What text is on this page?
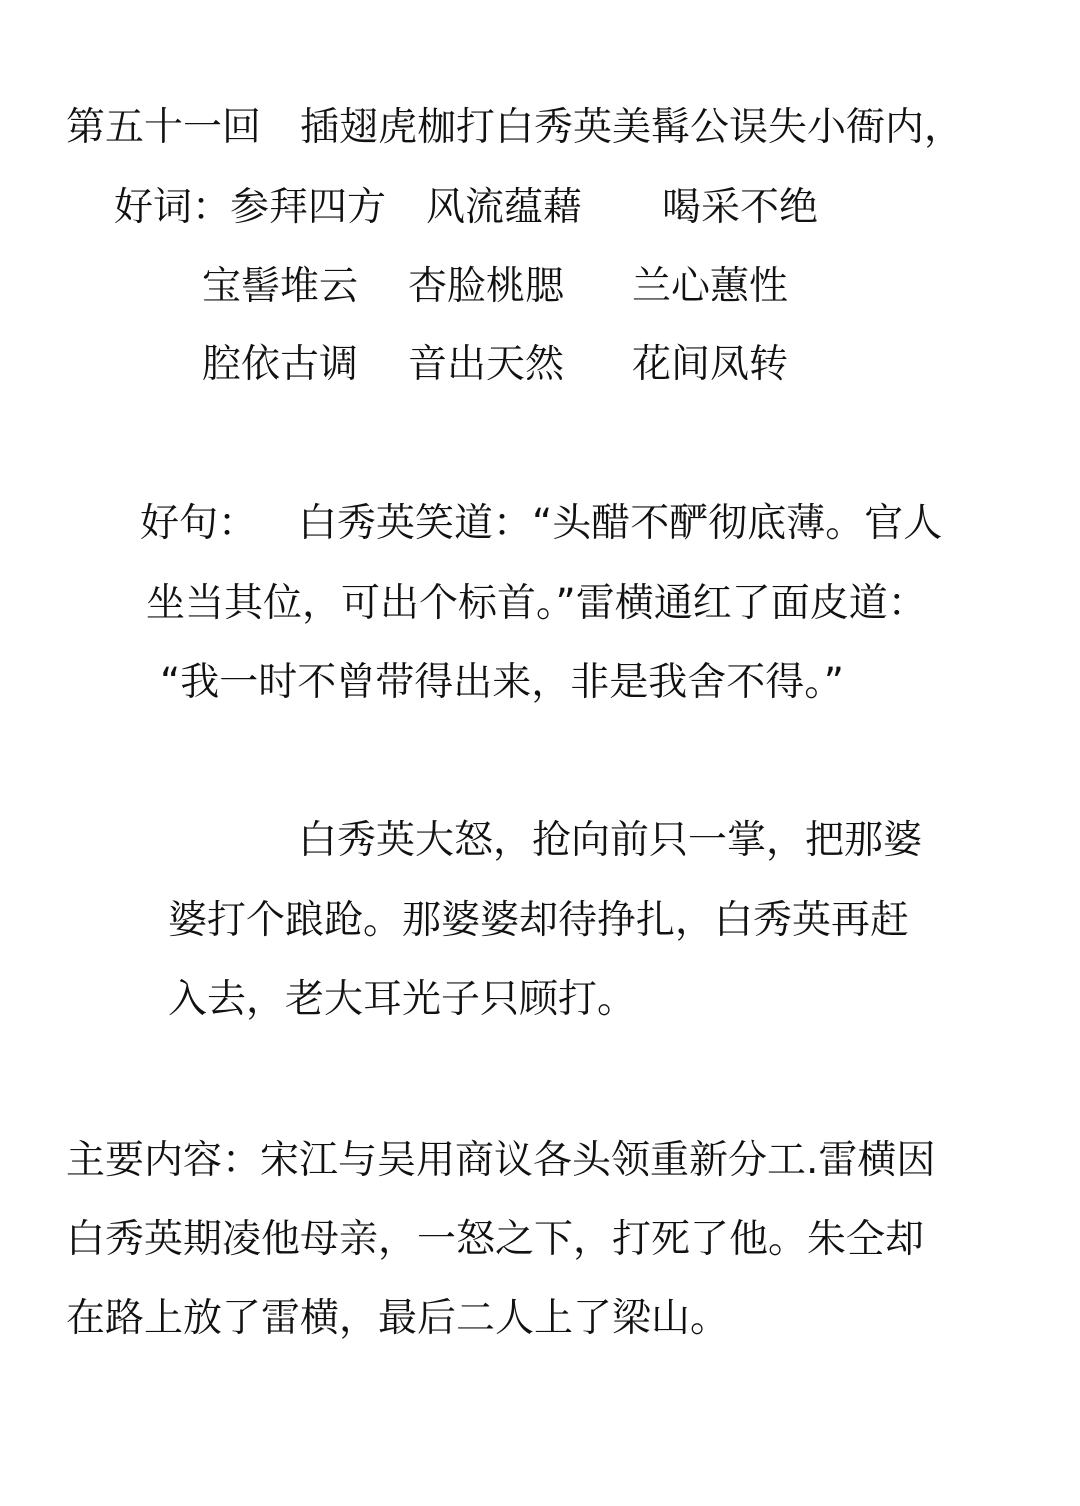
第五十一回 插翅虎枷打白秀英美髯公误失小衙内，
好词：
参拜四方 风流蕴藉 喝采不绝
宝髻堆云 杏脸桃腮 兰心蕙性
腔依古调 音出天然 花间凤转
好句： 白秀英笑道：“头醋不酽彻底薄。官人
坐当其位，可出个标首。”雷横通红了面皮道：
“我一时不曾带得出来，非是我舍不得。”
白秀英大怒，抢向前只一掌，把那婆
婆打个踉跄。那婆婆却待挣扎，白秀英再赶
入去，老大耳光子只顾打。
主要内容：
宋江与吴用商议各头领重新分工.雷横因
白秀英期凌他母亲，一怒之下，打死了他。朱仝却
在路上放了雷横，最后二人上了梁山。
